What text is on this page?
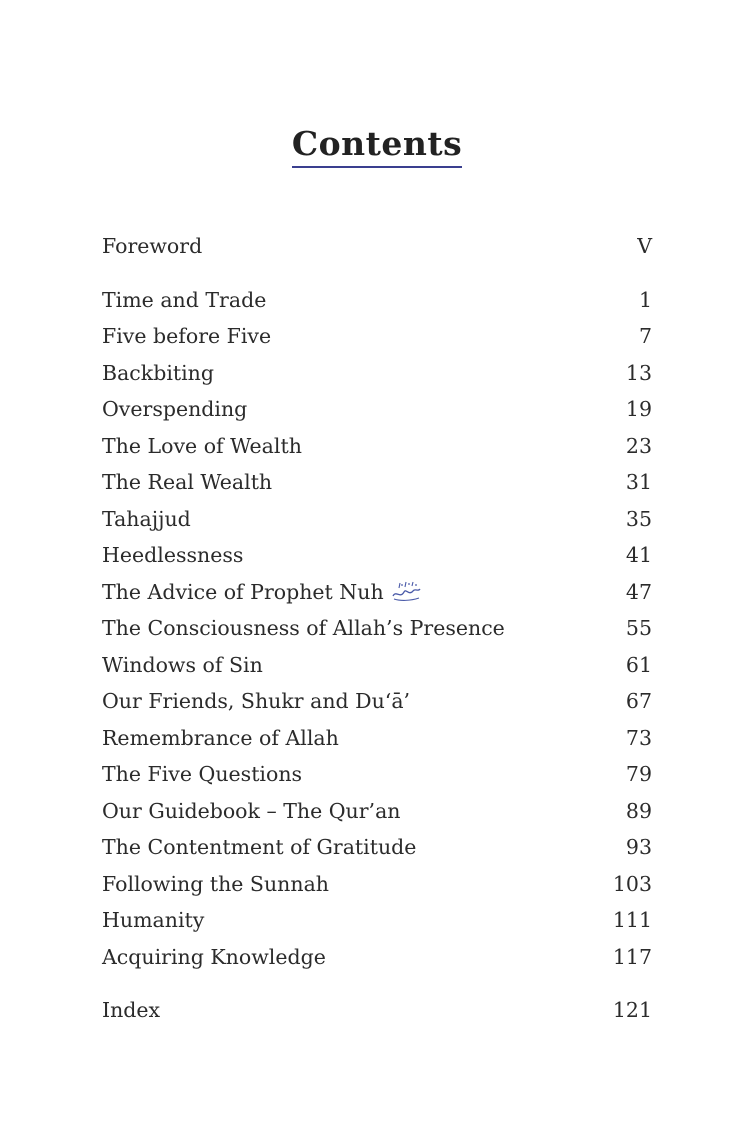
Contents
Foreword	V
Time and Trade	1
Five before Five	7
Backbiting	13
Overspending	19
The Love of Wealth	23
The Real Wealth	31
Tahajjud	35
Heedlessness	41
The Advice of Prophet Nuh	47
The Consciousness of Allah’s Presence	55
Windows of Sin	61
Our Friends, Shukr and Du‘ā’	67
Remembrance of Allah	73
The Five Questions	79
Our Guidebook – The Qur’an	89
The Contentment of Gratitude	93
Following the Sunnah	103
Humanity	111
Acquiring Knowledge	117
Index	121
